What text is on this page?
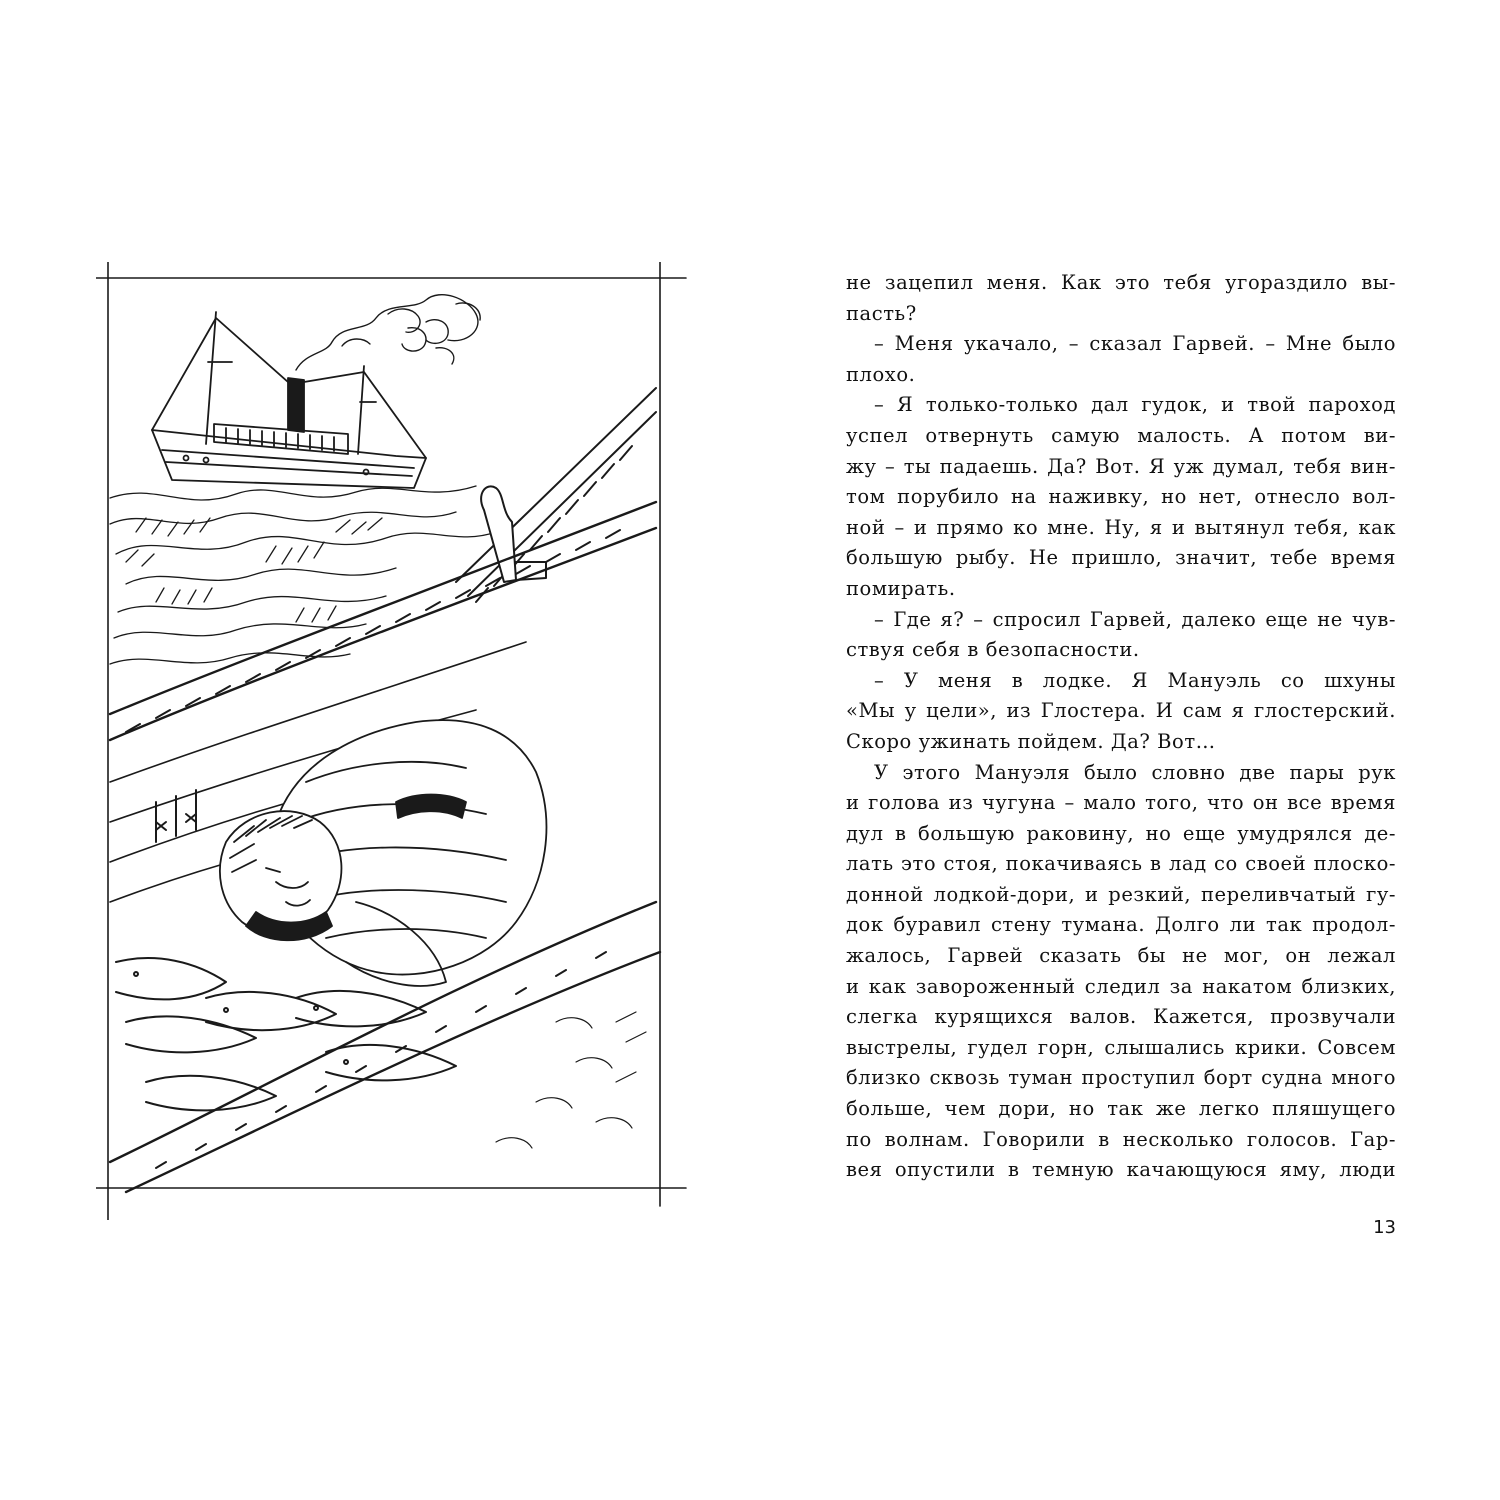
не зацепил меня. Как это тебя угораздило вы-

пасть?

– Меня укачало, – сказал Гарвей. – Мне было

плохо.

– Я только-только дал гудок, и твой пароход

успел отвернуть самую малость. А потом ви-

жу – ты падаешь. Да? Вот. Я уж думал, тебя вин-

том порубило на наживку, но нет, отнесло вол-

ной – и прямо ко мне. Ну, я и вытянул тебя, как

большую рыбу. Не пришло, значит, тебе время

помирать.

– Где я? – спросил Гарвей, далеко еще не чув-

ствуя себя в безопасности.

– У меня в лодке. Я Мануэль со шхуны

«Мы у цели», из Глостера. И сам я глостерский.

Скоро ужинать пойдем. Да? Вот…

У этого Мануэля было словно две пары рук

и голова из чугуна – мало того, что он все время

дул в большую раковину, но еще умудрялся де-

лать это стоя, покачиваясь в лад со своей плоско-

донной лодкой-дори, и резкий, переливчатый гу-

док буравил стену тумана. Долго ли так продол-

жалось, Гарвей сказать бы не мог, он лежал

и как завороженный следил за накатом близких,

слегка курящихся валов. Кажется, прозвучали

выстрелы, гудел горн, слышались крики. Совсем

близко сквозь туман проступил борт судна много

больше, чем дори, но так же легко пляшущего

по волнам. Говорили в несколько голосов. Гар-

вея опустили в темную качающуюся яму, люди

13
